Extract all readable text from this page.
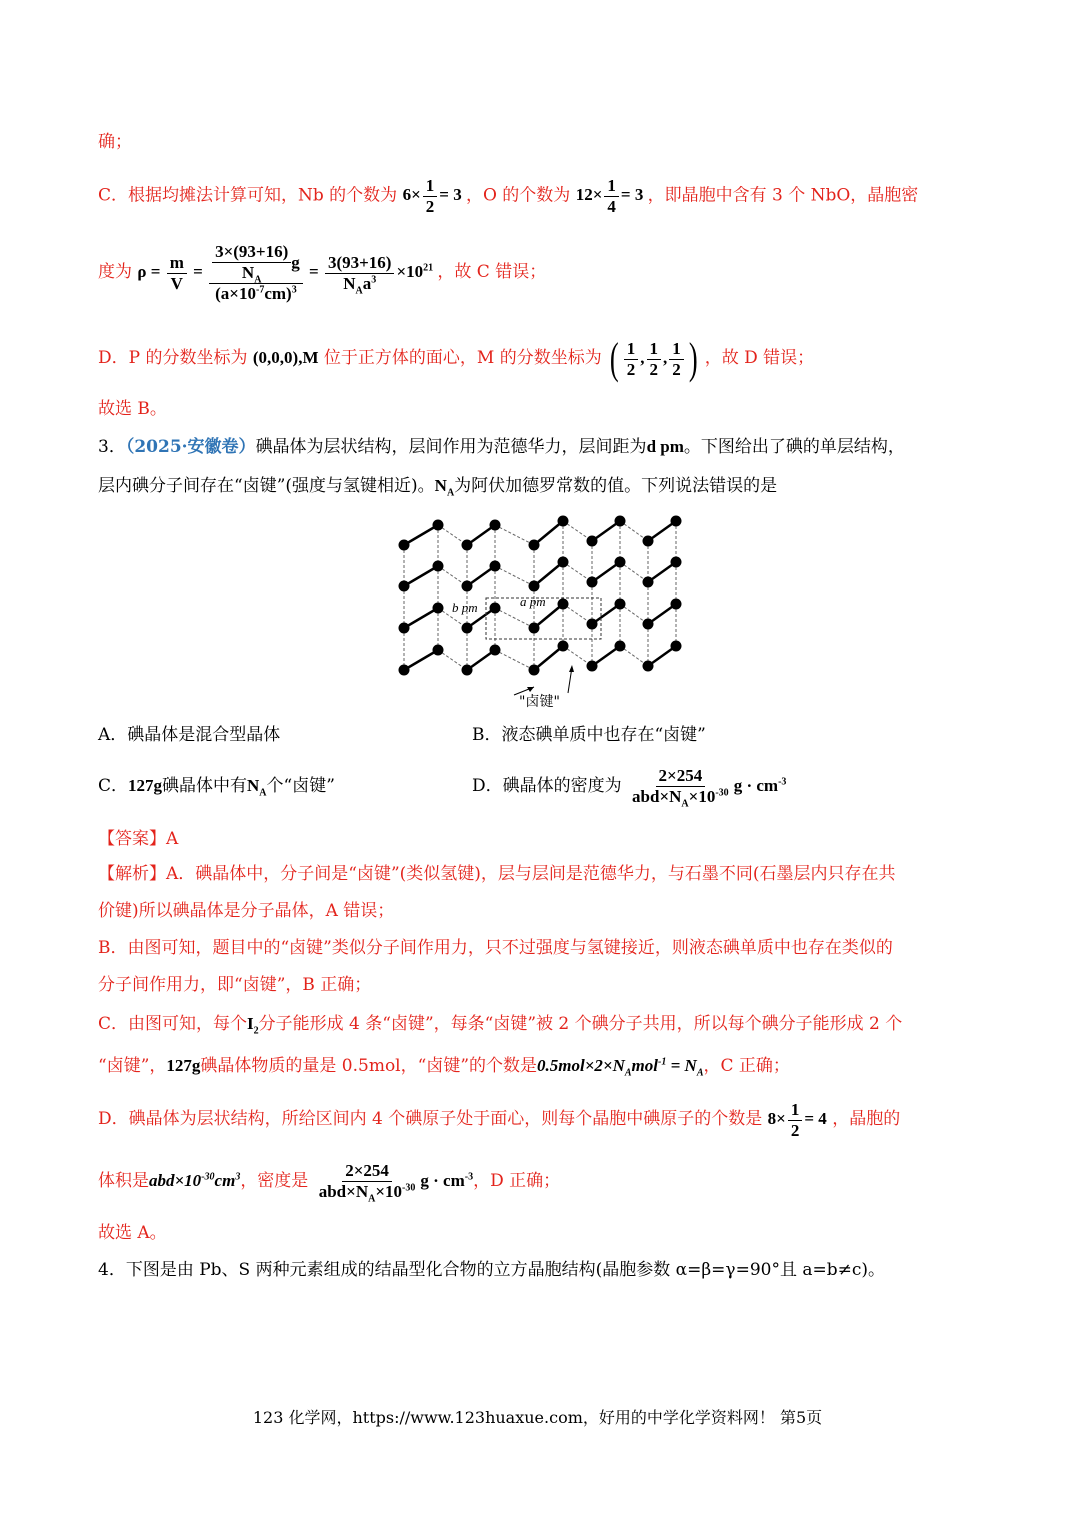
确；
C．根据均摊法计算可知，Nb 的个数为 $6\times \frac{1}{2} = 3$ ，O 的个数为 $12\times \frac{1}{4} = 3$ ，即晶胞中含有 3 个 NbO，晶胞密
度为 $\rho = \frac{m}{V} = \frac{\frac{3\times(93+16)}{N_A} g}{(a\times 10^{-7}cm)^3} = \frac{3(93+16)}{N_Aa^3} \times 10^{21}$ ，故 C 错误；
D．P 的分数坐标为 (0,0,0),M 位于正方体的面心，M 的分数坐标为 ( $\frac{1}{2}$ , $\frac{1}{2}$ , $\frac{1}{2}$ ) ，故 D 错误；
故选 B。
3．（2025·安徽卷）碘晶体为层状结构，层间作用为范德华力，层间距为d pm。下图给出了碘的单层结构，
层内碘分子间存在“卤键”(强度与氢键相近)。$N_A$为阿伏加德罗常数的值。下列说法错误的是
b pm	a pm
"卤键"
A．碘晶体是混合型晶体	B．液态碘单质中也存在“卤键”
C．127g碘晶体中有$N_A$个“卤键”	D．碘晶体的密度为 $\frac{2\times 254}{abd\times N_A\times 10^{-30}}$ $g \cdot cm^{-3}$
【答案】A
【解析】A．碘晶体中，分子间是“卤键”(类似氢键)，层与层间是范德华力，与石墨不同(石墨层内只存在共
价键)所以碘晶体是分子晶体，A 错误；
B．由图可知，题目中的“卤键”类似分子间作用力，只不过强度与氢键接近，则液态碘单质中也存在类似的
分子间作用力，即“卤键”，B 正确；
C．由图可知，每个$I_2$分子能形成 4 条“卤键”，每条“卤键”被 2 个碘分子共用，所以每个碘分子能形成 2 个
“卤键”，127g碘晶体物质的量是 0.5mol，“卤键”的个数是$0.5mol\times 2\times N_Amol^{-1} = N_A$，C 正确；
D．碘晶体为层状结构，所给区间内 4 个碘原子处于面心，则每个晶胞中碘原子的个数是 $8\times \frac{1}{2} = 4$ ，晶胞的
体积是$abd\times 10^{-30}cm^3$，密度是 $\frac{2\times 254}{abd\times N_A\times 10^{-30}}$ $g \cdot cm^{-3}$，D 正确；
故选 A。
4．下图是由 Pb、S 两种元素组成的结晶型化合物的立方晶胞结构(晶胞参数 α=β=γ=90°且 a=b≠c)。
123 化学网，https://www.123huaxue.com，好用的中学化学资料网！ 第5页
